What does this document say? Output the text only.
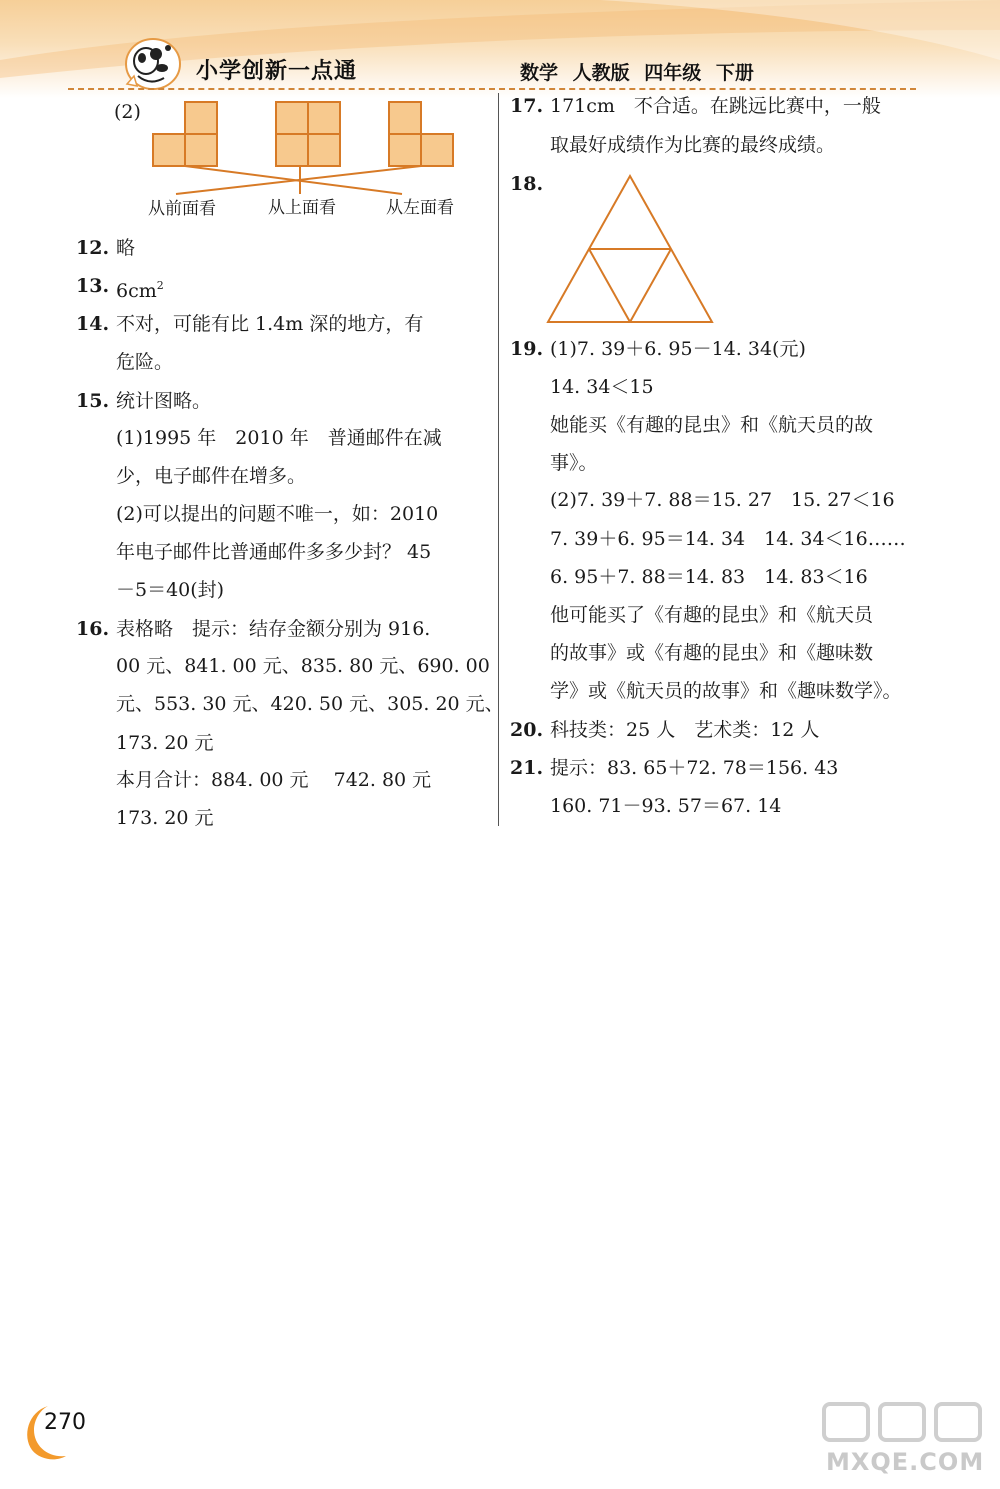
小学创新一点通	数学 人教版 四年级 下册
(2)
从前面看	从上面看	从左面看
12. 略
13. $6cm^2$
14. 不对，可能有比 1.4m 深的地方，有
危险。
15. 统计图略。
(1)1995 年　2010 年　普通邮件在减
少，电子邮件在增多。
(2)可以提出的问题不唯一，如：2010
年电子邮件比普通邮件多多少封？ 45
－5＝40(封)
16. 表格略　提示：结存金额分别为 916.
00 元、841. 00 元、835. 80 元、690. 00
元、553. 30 元、420. 50 元、305. 20 元、
173. 20 元
本月合计：884. 00 元　 742. 80 元
173. 20 元
17. 171cm　不合适。在跳远比赛中，一般
取最好成绩作为比赛的最终成绩。
18.
19. (1)7. 39＋6. 95－14. 34(元)
14. 34＜15
她能买《有趣的昆虫》和《航天员的故
事》。
(2)7. 39＋7. 88＝15. 27　15. 27＜16
7. 39＋6. 95＝14. 34　14. 34＜16……
6. 95＋7. 88＝14. 83　14. 83＜16
他可能买了《有趣的昆虫》和《航天员
的故事》或《有趣的昆虫》和《趣味数
学》或《航天员的故事》和《趣味数学》。
20. 科技类：25 人　艺术类：12 人
21. 提示：83. 65＋72. 78＝156. 43
160. 71－93. 57＝67. 14
270
MXQE.COM
